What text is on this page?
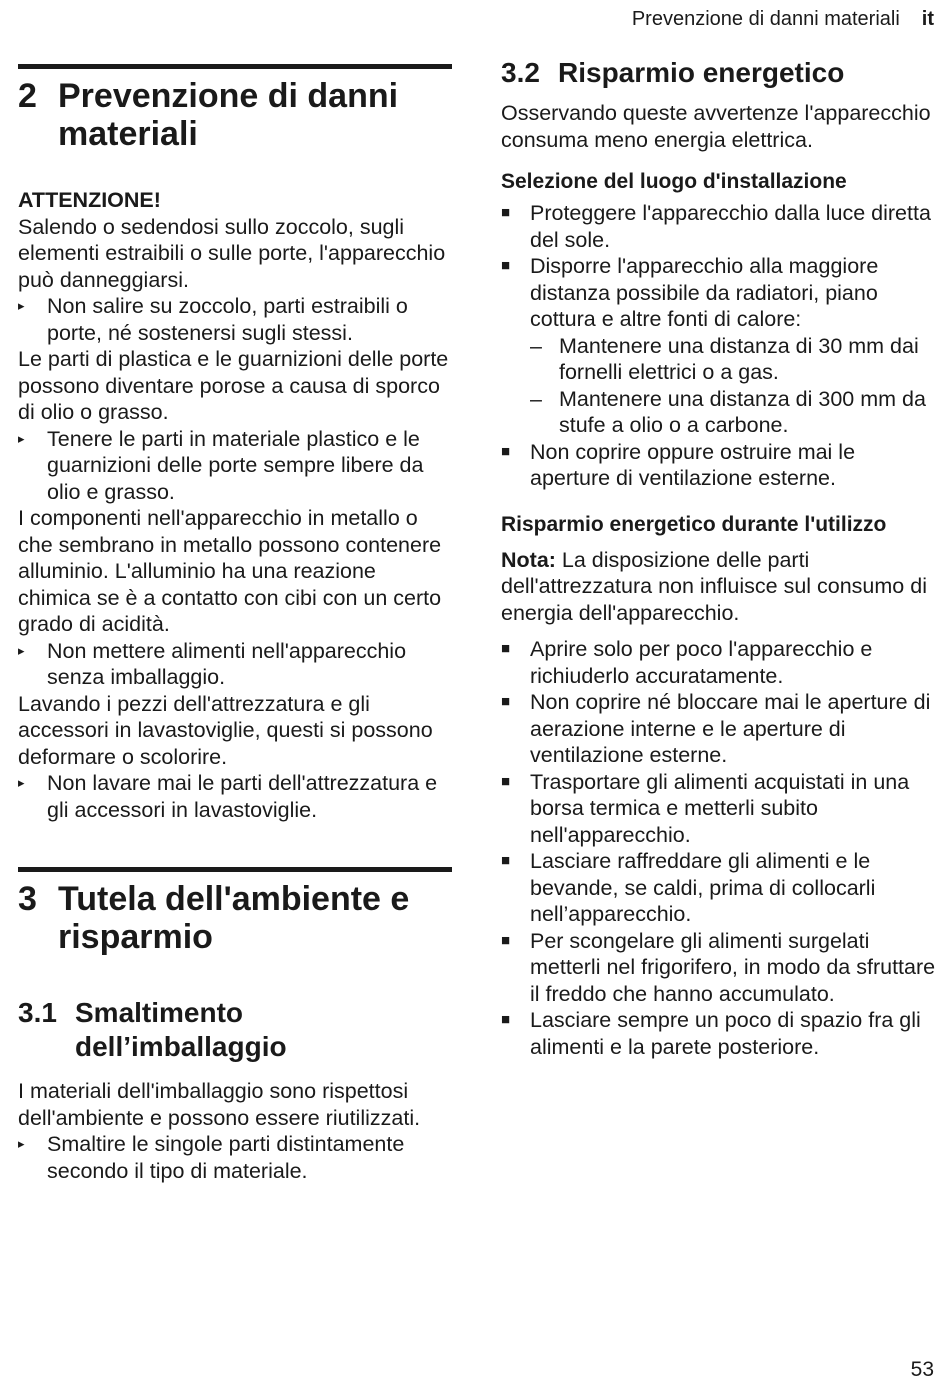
Prevenzione di danni materiali it
2 Prevenzione di danni materiali

ATTENZIONE!

Salendo o sedendosi sullo zoccolo, sugli elementi estraibili o sulle porte, l'apparecchio può danneggiarsi.

▸	Non salire su zoccolo, parti estraibili o porte, né sostenersi sugli stessi.

Le parti di plastica e le guarnizioni delle porte possono diventare porose a causa di sporco di olio o grasso.

▸	Tenere le parti in materiale plastico e le guarnizioni delle porte sempre libere da olio e grasso.

I componenti nell'apparecchio in metallo o che sembrano in metallo possono contenere alluminio. L'alluminio ha una reazione chimica se è a contatto con cibi con un certo grado di acidità.

▸	Non mettere alimenti nell'apparecchio senza imballaggio.

Lavando i pezzi dell'attrezzatura e gli accessori in lavastoviglie, questi si possono deformare o scolorire.

▸	Non lavare mai le parti dell'attrezzatura e gli accessori in lavastoviglie.
3 Tutela dell'ambiente e risparmio
3.1 Smaltimento dell’imballaggio

I materiali dell'imballaggio sono rispettosi dell'ambiente e possono essere riutilizzati.

▸	Smaltire le singole parti distintamente secondo il tipo di materiale.
3.2 Risparmio energetico

Osservando queste avvertenze l'apparecchio consuma meno energia elettrica.

Selezione del luogo d'installazione
■ Proteggere l'apparecchio dalla luce diretta del sole.
■ Disporre l'apparecchio alla maggiore distanza possibile da radiatori, piano cottura e altre fonti di calore:
– Mantenere una distanza di 30 mm dai fornelli elettrici o a gas.
– Mantenere una distanza di 300 mm da stufe a olio o a carbone.
■ Non coprire oppure ostruire mai le aperture di ventilazione esterne.
Risparmio energetico durante l'utilizzo

Nota: La disposizione delle parti dell'attrezzatura non influisce sul consumo di energia dell'apparecchio.

■ Aprire solo per poco l'apparecchio e richiuderlo accuratamente.
■ Non coprire né bloccare mai le aperture di aerazione interne e le aperture di ventilazione esterne.
■ Trasportare gli alimenti acquistati in una borsa termica e metterli subito nell'apparecchio.
■ Lasciare raffreddare gli alimenti e le bevande, se caldi, prima di collocarli nell’apparecchio.
■ Per scongelare gli alimenti surgelati metterli nel frigorifero, in modo da sfruttare il freddo che hanno accumulato.
■ Lasciare sempre un poco di spazio fra gli alimenti e la parete posteriore.
53
